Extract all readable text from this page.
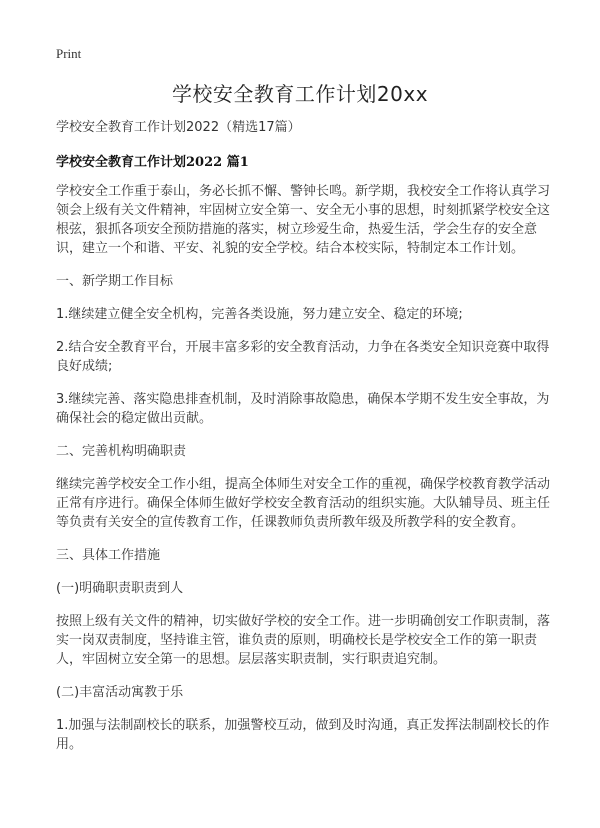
Print
学校安全教育工作计划20xx

学校安全教育工作计划2022（精选17篇）

学校安全教育工作计划2022 篇1

学校安全工作重于泰山，务必长抓不懈、警钟长鸣。新学期，我校安全工作将认真学习领会上级有关文件精神，牢固树立安全第一、安全无小事的思想，时刻抓紧学校安全这根弦，狠抓各项安全预防措施的落实，树立珍爱生命，热爱生活，学会生存的安全意识，建立一个和谐、平安、礼貌的安全学校。结合本校实际，特制定本工作计划。

一、新学期工作目标

1.继续建立健全安全机构，完善各类设施，努力建立安全、稳定的环境;

2.结合安全教育平台，开展丰富多彩的安全教育活动，力争在各类安全知识竞赛中取得良好成绩;

3.继续完善、落实隐患排查机制，及时消除事故隐患，确保本学期不发生安全事故，为确保社会的稳定做出贡献。

二、完善机构明确职责

继续完善学校安全工作小组，提高全体师生对安全工作的重视，确保学校教育教学活动正常有序进行。确保全体师生做好学校安全教育活动的组织实施。大队辅导员、班主任等负责有关安全的宣传教育工作，任课教师负责所教年级及所教学科的安全教育。

三、具体工作措施

(一)明确职责职责到人

按照上级有关文件的精神，切实做好学校的安全工作。进一步明确创安工作职责制，落实一岗双责制度，坚持谁主管，谁负责的原则，明确校长是学校安全工作的第一职责人，牢固树立安全第一的思想。层层落实职责制，实行职责追究制。

(二)丰富活动寓教于乐

1.加强与法制副校长的联系，加强警校互动，做到及时沟通，真正发挥法制副校长的作用。
